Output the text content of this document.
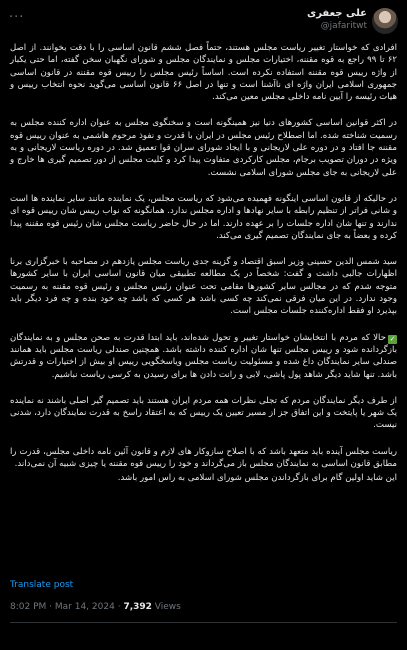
علی جعفری
@jafaritwt
···

افرادی که خواستار تغییر ریاست مجلس هستند، حتماً فصل ششم قانون اساسی را با دقت بخوانند. از اصل ۶۲ تا ۹۹ راجع به قوه مقننه، اختیارات مجلس و نمایندگان مجلس و شورای نگهبان سخن گفته، اما حتی یکبار از واژه رییس قوه مقننه استفاده نکرده است. اساساً رئیس مجلس را رییس قوه مقننه در قانون اساسی جمهوری اسلامی ایران واژه ای ناآشنا است و تنها در اصل ۶۶ قانون اساسی می‌گوید نحوه انتخاب رییس و هیات رئیسه را آیین نامه داخلی مجلس معین می‌کند.

در اکثر قوانین اساسی کشورهای دنیا نیز همینگونه است و سخنگوی مجلس به عنوان اداره کننده مجلس به رسمیت شناخته شده. اما اصطلاح رئیس مجلس در ایران با قدرت و نفوذ مرحوم هاشمی به عنوان رییس قوه مقننه جا افتاد و در دوره علی لاریجانی و با ایجاد شورای سران قوا تعمیق شد. در دوره ریاست لاریجانی و به ویژه در دوران تصویب برجام، مجلس کارکردی متفاوت پیدا کرد و کلیت مجلس از دور تصمیم گیری ها خارج و علی لاریجانی به جای مجلس شورای اسلامی نشست.

در حالیکه از قانون اساسی اینگونه فهمیده می‌شود که ریاست مجلس، یک نماینده مانند سایر نماینده ها است و شانی فراتر از تنظیم رابطه با سایر نهادها و اداره مجلس ندارد. همانگونه که نواب رییس شان رییس قوه ای ندارند و تنها شان اداره جلسات را بر عهده دارند. اما در حال حاضر ریاست مجلس شان رئیس قوه مقننه پیدا کرده و بعضاً به جای نمایندگان تصمیم گیری می‌کند.

سید شمس الدین حسینی وزیر اسبق اقتصاد و گزینه جدی ریاست مجلس یازدهم در مصاحبه با خبرگزاری برنا اظهارات جالبی داشت و گفت: شخصاً در یک مطالعه تطبیقی میان قانون اساسی ایران با سایر کشورها متوجه شدم که در مجالس سایر کشورها مقامی تحت عنوان رئیس مجلس و رئیس قوه مقننه به رسمیت وجود ندارد. در این میان فرقی نمی‌کند چه کسی باشد هر کسی که باشد چه خود بنده و چه فرد دیگر باید بپذیرد او فقط اداره‌کننده جلسات مجلس است.

✓حالا که مردم با انتخابشان خواستار تغییر و تحول شده‌اند، باید ابتدا قدرت به صحن مجلس و به نمایندگان بازگردانده شود و رییس مجلس تنها شان اداره کننده داشته باشد. همچنین صندلی ریاست مجلس باید همانند صندلی سایر نمایندگان داغ شده و مسئولیت ریاست مجلس ویاسخگویی رییس او بیش از اختیارات و قدرتش باشد. تنها شاید دیگر شاهد پول پاشی، لابی و رانت دادن ها برای رسیدن به کرسی ریاست نباشیم.

از طرف دیگر نمایندگان مردم که تجلی نظرات همه مردم ایران هستند باید تصمیم گیر اصلی باشند نه نماینده یک شهر یا پایتخت و این اتفاق جز از مسیر تعیین یک رییس که به اعتقاد راسخ به قدرت نمایندگان دارد، شدنی نیست.

ریاست مجلس آینده باید متعهد باشد که با اصلاح سازوکار های لازم و قانون آئین نامه داخلی مجلس، قدرت را مطابق قانون اساسی به نمایندگان مجلس باز می‌گرداند و خود را رییس قوه مقننه یا چیزی شبیه آن نمی‌داند.

این شاید اولین گام برای بازگرداندن مجلس شورای اسلامی به راس امور باشد.

Translate post
8:02 PM · Mar 14, 2024 · 7,392 Views
